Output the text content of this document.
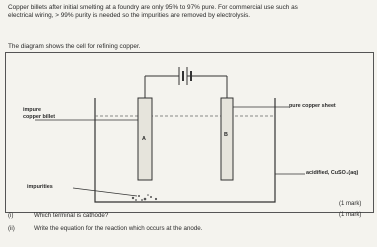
Copper billets after initial smelting at a foundry are only 95% to 97% pure. For commercial use such as

electrical wiring, > 99% purity is needed so the impurities are removed by electrolysis.

The diagram shows the cell for refining copper.
impure
copper billet
A
B
pure copper sheet
acidified, CuSO₄(aq)
impurities
(1 mark)
(i)	Which terminal is cathode?
(ii)	Write the equation for the reaction which occurs at the anode.
(1 mark)
